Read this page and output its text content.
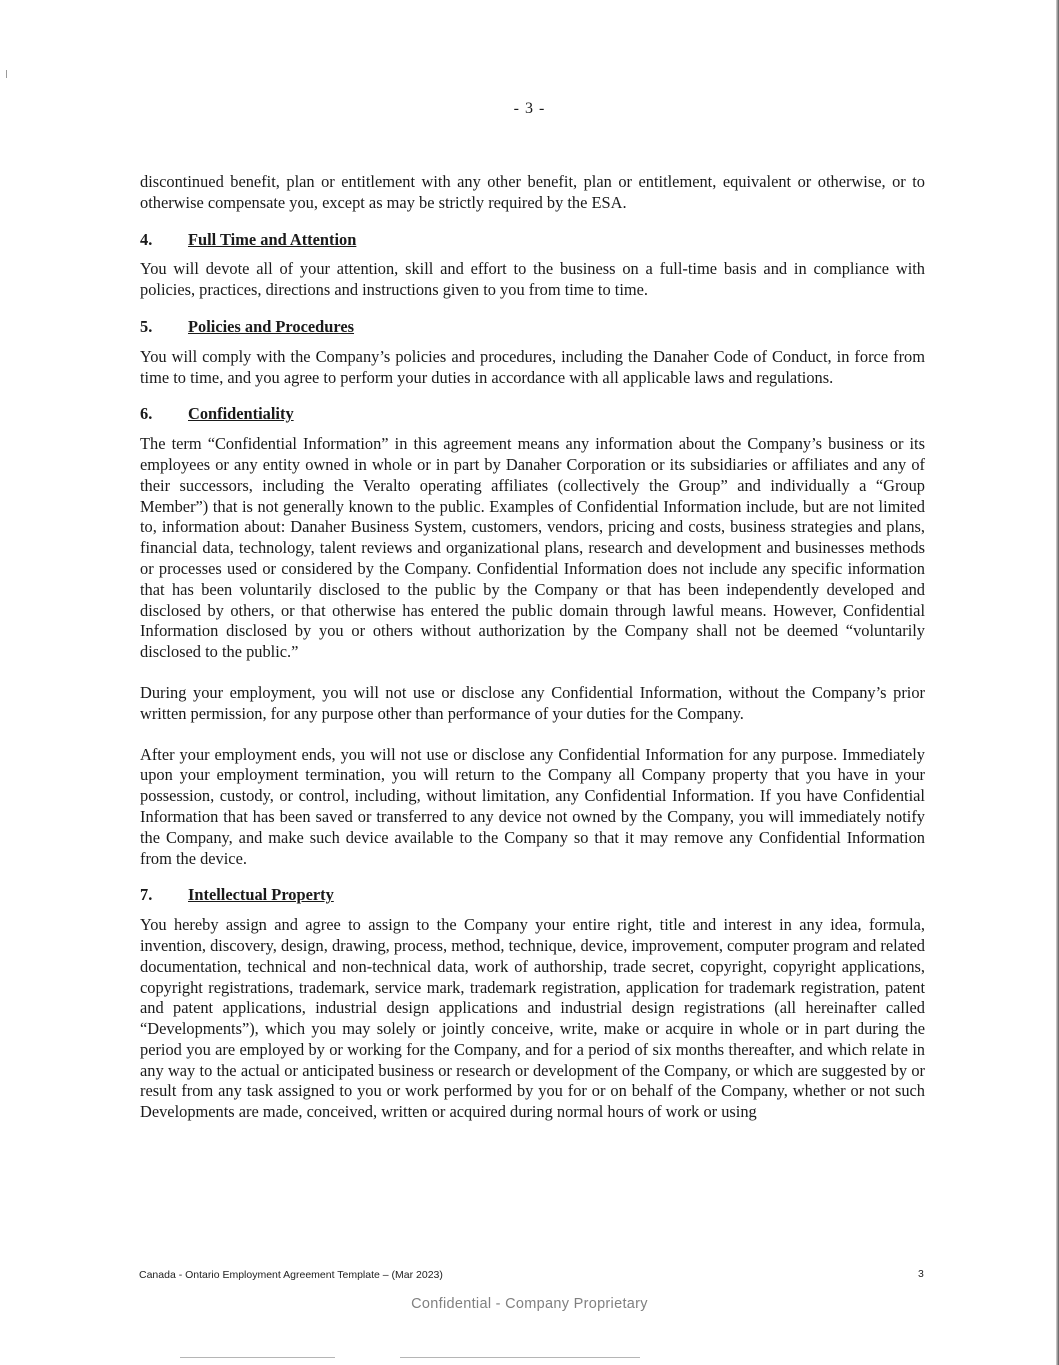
- 3 -

discontinued benefit, plan or entitlement with any other benefit, plan or entitlement, equivalent or otherwise, or to otherwise compensate you, except as may be strictly required by the ESA.

4.	Full Time and Attention

You will devote all of your attention, skill and effort to the business on a full-time basis and in compliance with policies, practices, directions and instructions given to you from time to time.

5.	Policies and Procedures

You will comply with the Company’s policies and procedures, including the Danaher Code of Conduct, in force from time to time, and you agree to perform your duties in accordance with all applicable laws and regulations.

6.	Confidentiality

The term “Confidential Information” in this agreement means any information about the Company’s business or its employees or any entity owned in whole or in part by Danaher Corporation or its subsidiaries or affiliates and any of their successors, including the Veralto operating affiliates (collectively the Group” and individually a “Group Member”) that is not generally known to the public. Examples of Confidential Information include, but are not limited to, information about: Danaher Business System, customers, vendors, pricing and costs, business strategies and plans, financial data, technology, talent reviews and organizational plans, research and development and businesses methods or processes used or considered by the Company. Confidential Information does not include any specific information that has been voluntarily disclosed to the public by the Company or that has been independently developed and disclosed by others, or that otherwise has entered the public domain through lawful means. However, Confidential Information disclosed by you or others without authorization by the Company shall not be deemed “voluntarily disclosed to the public.”

During your employment, you will not use or disclose any Confidential Information, without the Company’s prior written permission, for any purpose other than performance of your duties for the Company.

After your employment ends, you will not use or disclose any Confidential Information for any purpose. Immediately upon your employment termination, you will return to the Company all Company property that you have in your possession, custody, or control, including, without limitation, any Confidential Information. If you have Confidential Information that has been saved or transferred to any device not owned by the Company, you will immediately notify the Company, and make such device available to the Company so that it may remove any Confidential Information from the device.

7.	Intellectual Property

You hereby assign and agree to assign to the Company your entire right, title and interest in any idea, formula, invention, discovery, design, drawing, process, method, technique, device, improvement, computer program and related documentation, technical and non-technical data, work of authorship, trade secret, copyright, copyright applications, copyright registrations, trademark, service mark, trademark registration, application for trademark registration, patent and patent applications, industrial design applications and industrial design registrations (all hereinafter called “Developments”), which you may solely or jointly conceive, write, make or acquire in whole or in part during the period you are employed by or working for the Company, and for a period of six months thereafter, and which relate in any way to the actual or anticipated business or research or development of the Company, or which are suggested by or result from any task assigned to you or work performed by you for or on behalf of the Company, whether or not such Developments are made, conceived, written or acquired during normal hours of work or using

Canada - Ontario Employment Agreement Template – (Mar 2023)	3
Confidential - Company Proprietary
